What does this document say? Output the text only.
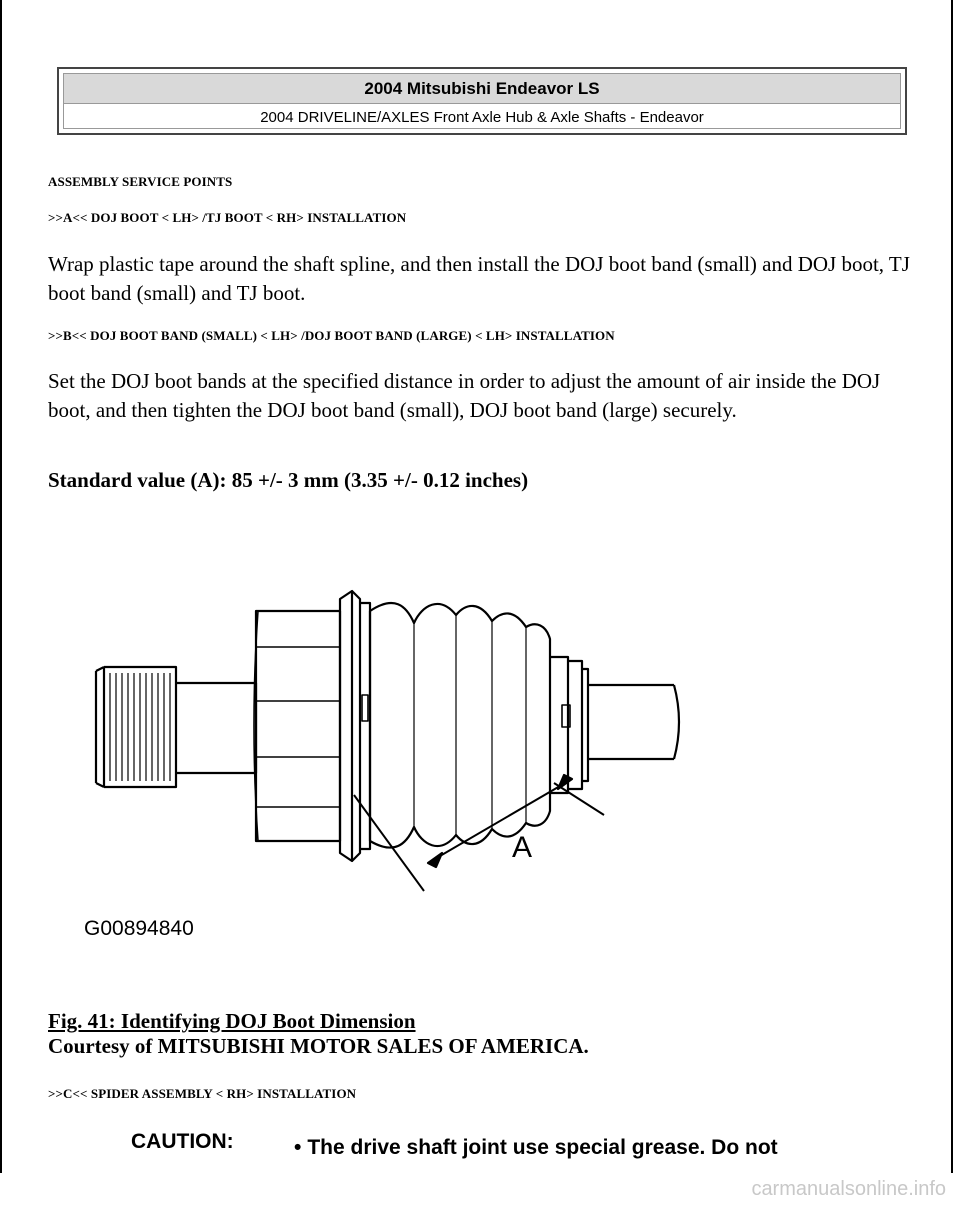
2004 Mitsubishi Endeavor LS
2004 DRIVELINE/AXLES Front Axle Hub & Axle Shafts - Endeavor
ASSEMBLY SERVICE POINTS
>>A<< DOJ BOOT < LH> /TJ BOOT < RH> INSTALLATION
Wrap plastic tape around the shaft spline, and then install the DOJ boot band (small) and DOJ boot, TJ boot band (small) and TJ boot.
>>B<< DOJ BOOT BAND (SMALL) < LH> /DOJ BOOT BAND (LARGE) < LH> INSTALLATION
Set the DOJ boot bands at the specified distance in order to adjust the amount of air inside the DOJ boot, and then tighten the DOJ boot band (small), DOJ boot band (large) securely.
Standard value (A): 85 +/- 3 mm (3.35 +/- 0.12 inches)
A
G00894840
Fig. 41: Identifying DOJ Boot Dimension
Courtesy of MITSUBISHI MOTOR SALES OF AMERICA.
>>C<< SPIDER ASSEMBLY < RH> INSTALLATION
CAUTION:	• The drive shaft joint use special grease. Do not
carmanualsonline.info
